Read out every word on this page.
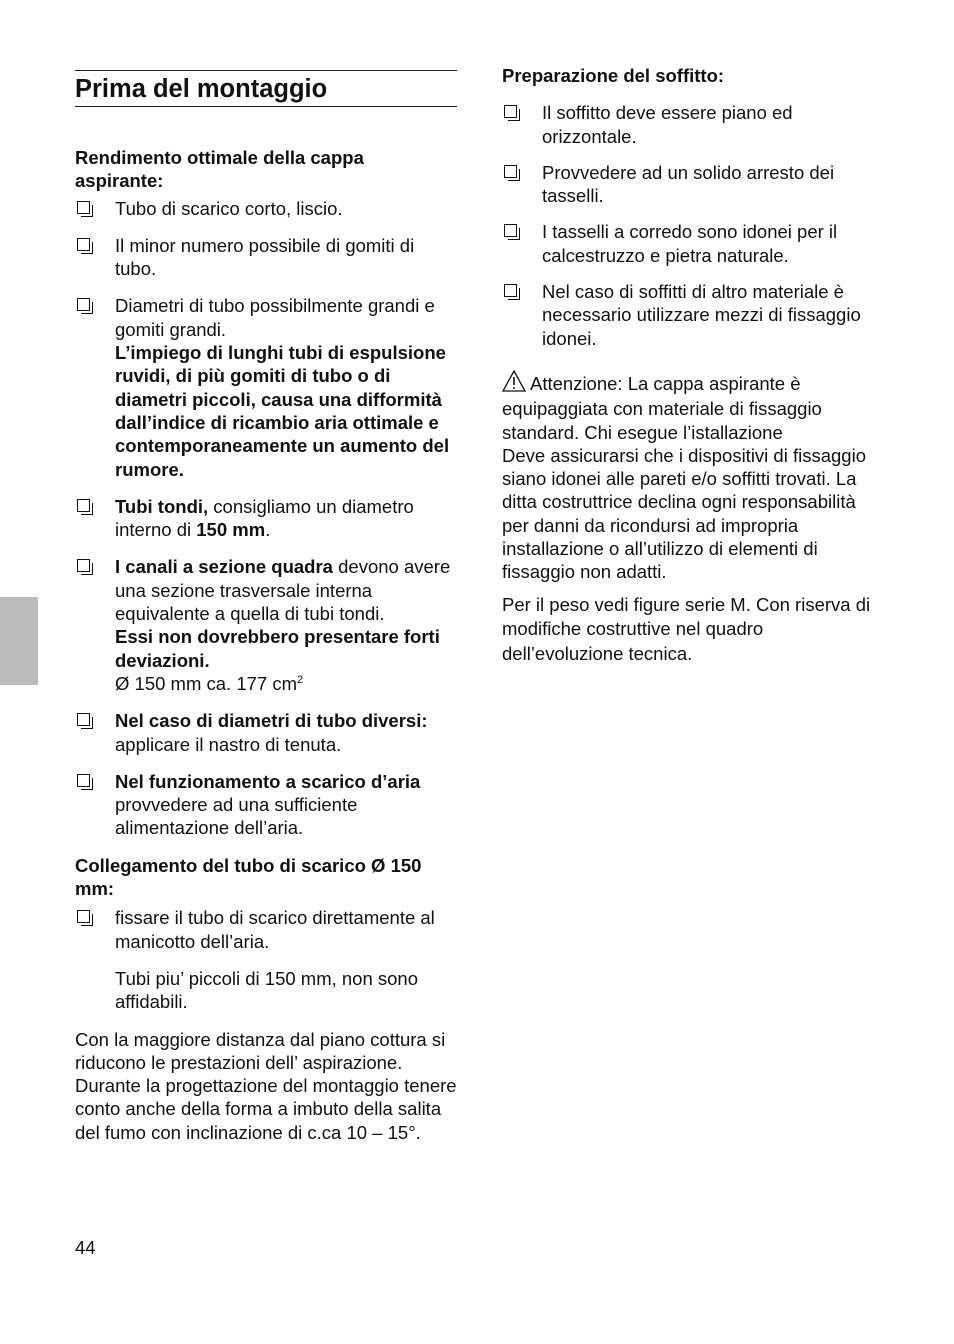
Prima del montaggio
Rendimento ottimale della cappa aspirante:
Tubo di scarico corto, liscio.
Il minor numero possibile di gomiti di tubo.
Diametri di tubo possibilmente grandi e gomiti grandi.
L’impiego di lunghi tubi di espulsione ruvidi, di più gomiti di tubo o di diametri piccoli, causa una difformità dall’indice di ricambio aria ottimale e contemporaneamente un aumento del rumore.
Tubi tondi, consigliamo un diametro interno di 150 mm.
I canali a sezione quadra devono avere una sezione trasversale interna equivalente a quella di tubi tondi.
Essi non dovrebbero presentare forti deviazioni.
Ø 150 mm ca. 177 $cm^2$
Nel caso di diametri di tubo diversi: applicare il nastro di tenuta.
Nel funzionamento a scarico d’aria provvedere ad una sufficiente alimentazione dell’aria.
Collegamento del tubo di scarico Ø 150 mm:
fissare il tubo di scarico direttamente al manicotto dell’aria.
Tubi piu’ piccoli di 150 mm, non sono affidabili.
Con la maggiore distanza dal piano cottura si riducono le prestazioni dell’ aspirazione. Durante la progettazione del montaggio tenere conto anche della forma a imbuto della salita del fumo con inclinazione di c.ca 10 – 15°.
Preparazione del soffitto:
Il soffitto deve essere piano ed orizzontale.
Provvedere ad un solido arresto dei tasselli.
I tasselli a corredo sono idonei per il calcestruzzo e pietra naturale.
Nel caso di soffitti di altro materiale è necessario utilizzare mezzi di fissaggio idonei.
Attenzione: La cappa aspirante è equipaggiata con materiale di fissaggio standard. Chi esegue l’istallazione
Deve assicurarsi che i dispositivi di fissaggio siano idonei alle pareti e/o soffitti trovati. La ditta costruttrice declina ogni responsabilità per danni da ricondursi ad impropria installazione o all’utilizzo di elementi di fissaggio non adatti.
Per il peso vedi figure serie M. Con riserva di modifiche costruttive nel quadro dell’evoluzione tecnica.
44
